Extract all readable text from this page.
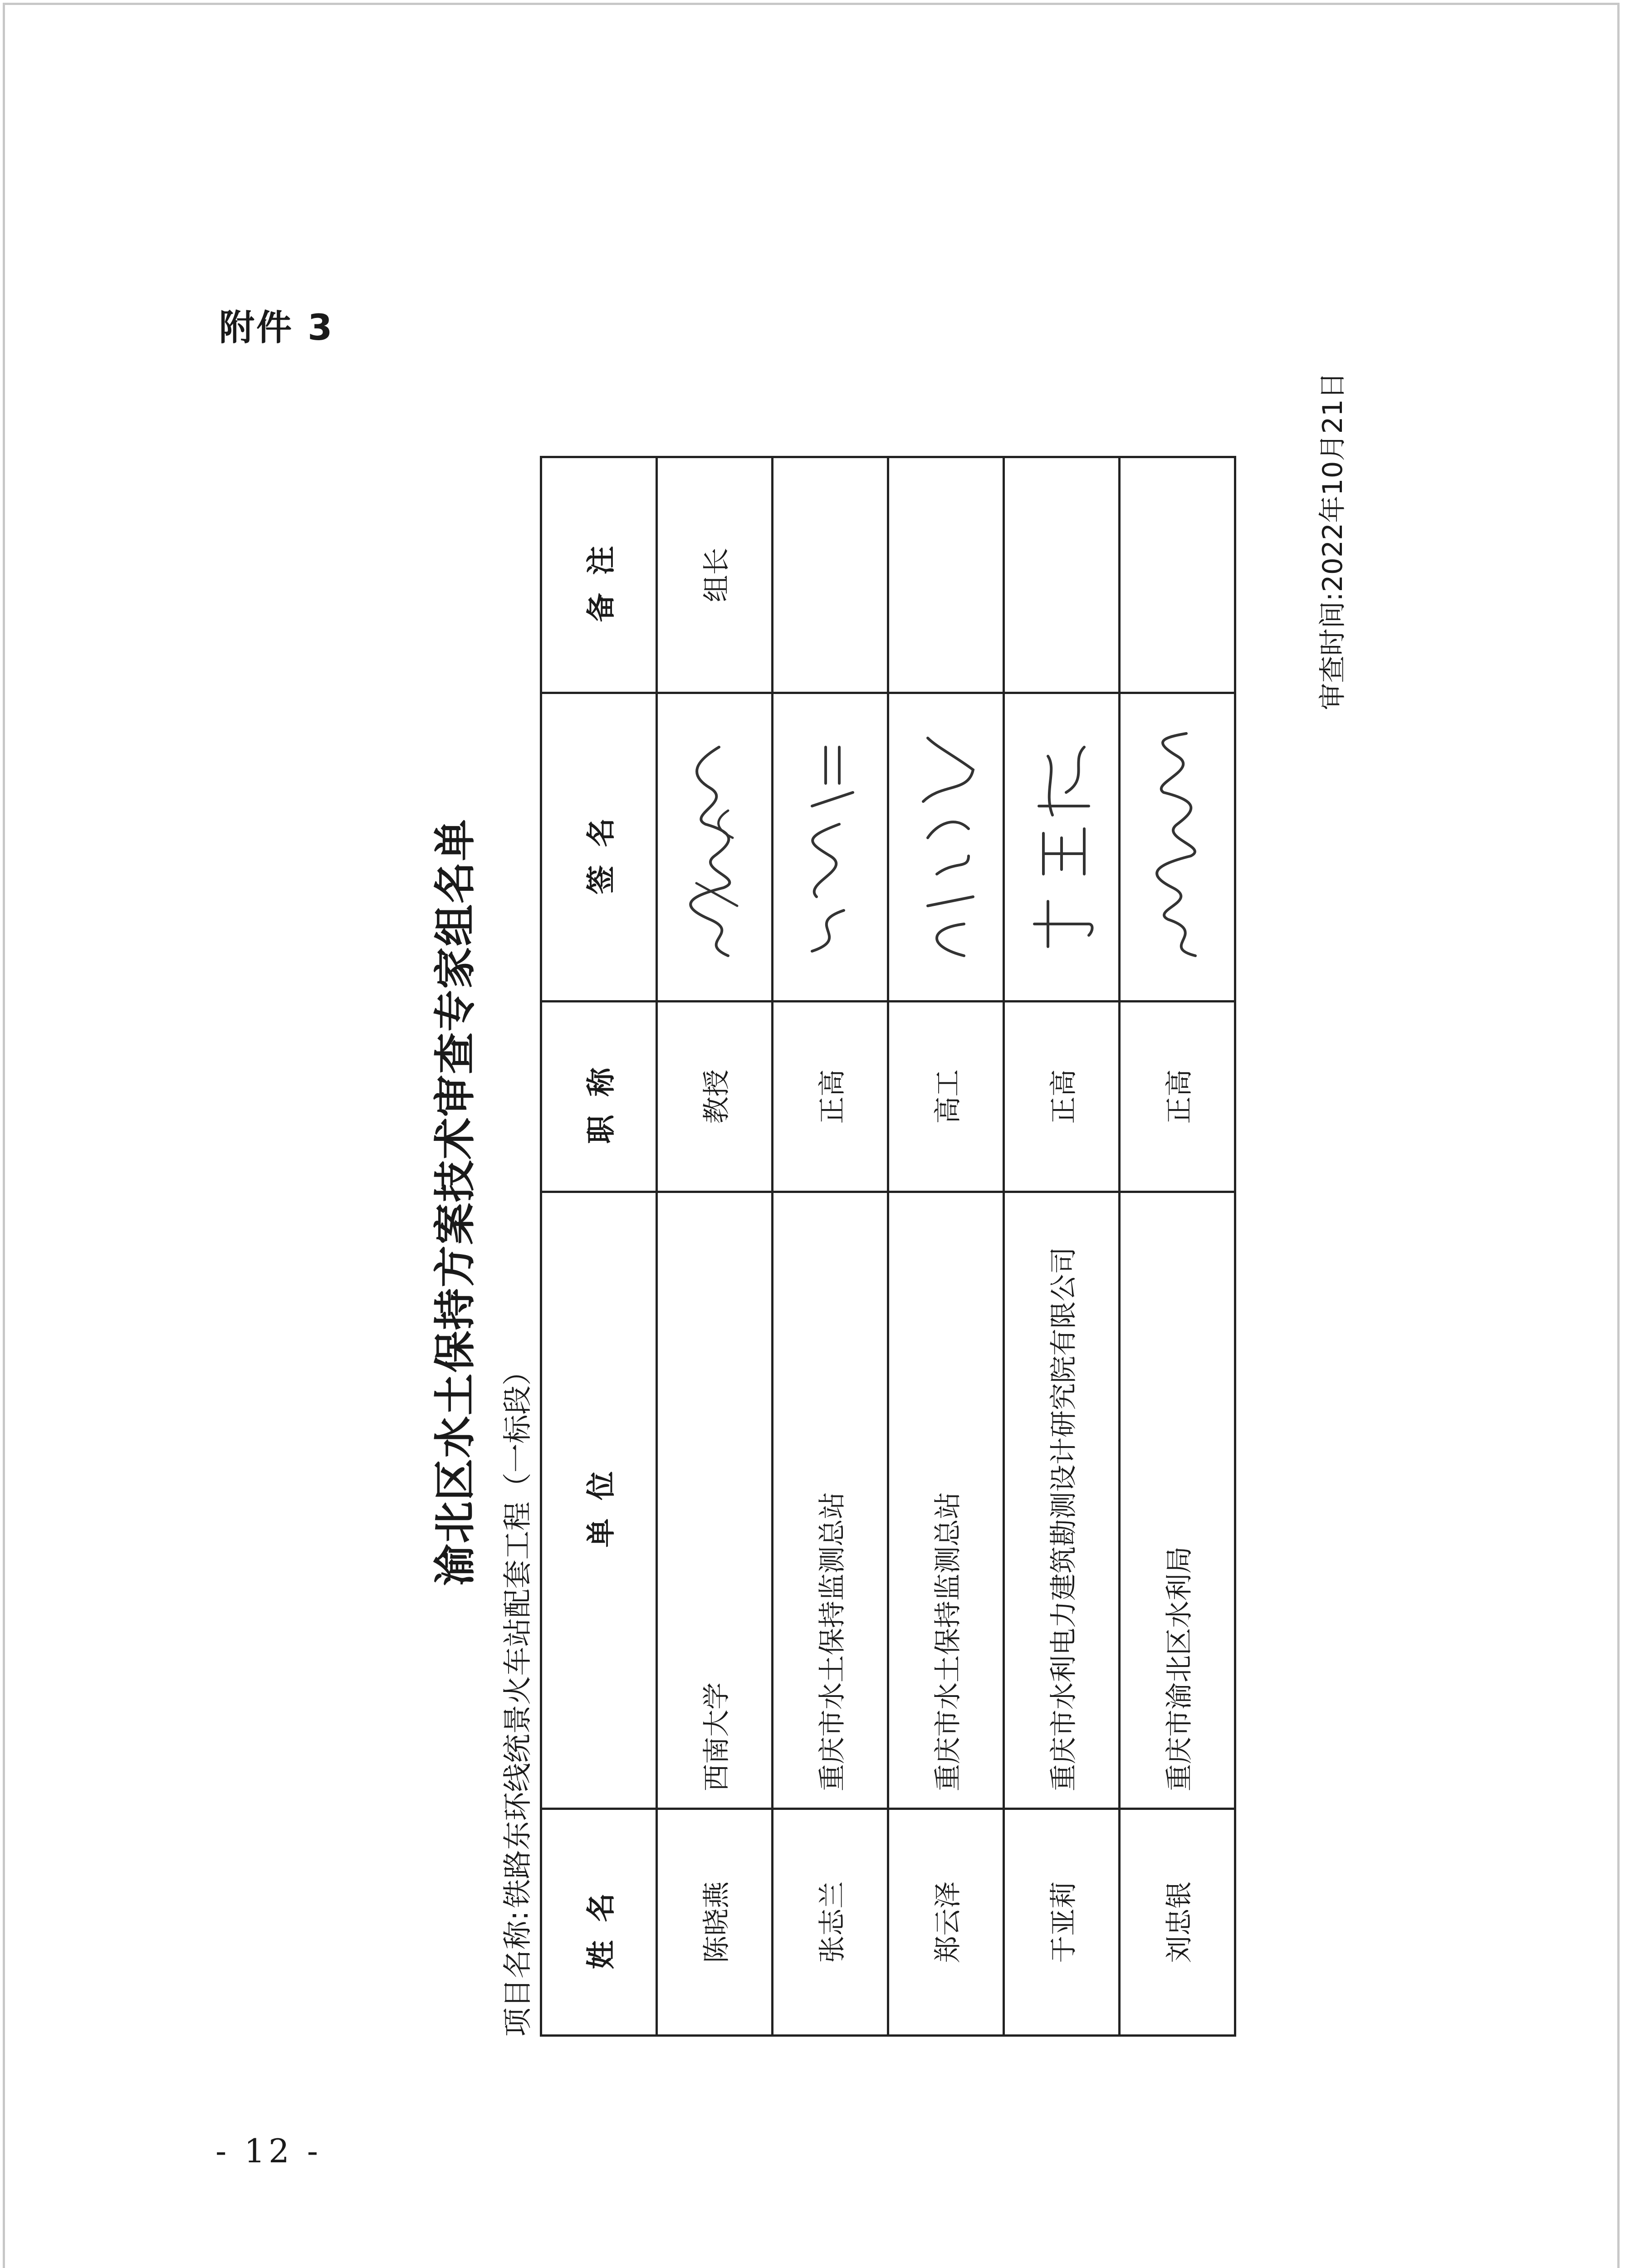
附件 3
渝北区水土保持方案技术审查专家组名单
项目名称:铁路东环线统景火车站配套工程（一标段）
姓名	单位	职称	签名	备注
陈晓燕	西南大学	教授		组长
张志兰	重庆市水土保持监测总站	正高	

郑云泽	重庆市水土保持监测总站	高工	

于亚莉	重庆市水利电力建筑勘测设计研究院有限公司	正高	

刘忠银	重庆市渝北区水利局	正高	

审查时间:2022年10月21日
- 12 -
